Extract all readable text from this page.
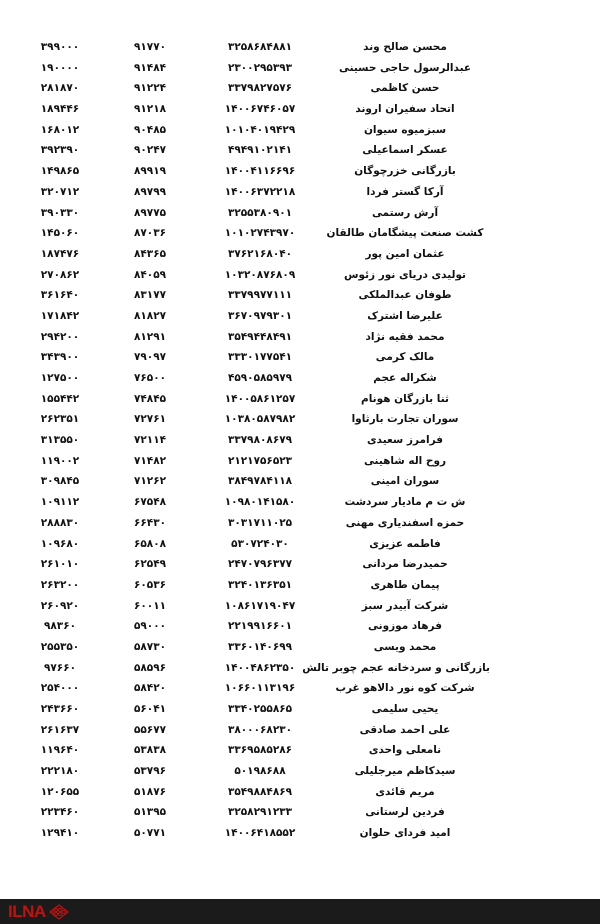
۳۹۹۰۰۰	۹۱۷۷۰	۳۲۵۸۶۸۴۸۸۱	محسن صالح وند
۱۹۰۰۰۰	۹۱۴۸۴	۲۳۰۰۲۹۵۳۹۳	عبدالرسول حاجی حسینی
۲۸۱۸۷۰	۹۱۲۲۴	۳۳۷۹۸۲۷۵۷۶	حسن کاظمی
۱۸۹۴۴۶	۹۱۲۱۸	۱۴۰۰۶۷۴۶۰۵۷	اتحاد سفیران اروند
۱۶۸۰۱۲	۹۰۴۸۵	۱۰۱۰۴۰۱۹۴۲۹	سبزمیوه سیوان
۳۹۲۳۹۰	۹۰۲۴۷	۴۹۴۹۱۰۲۱۴۱	عسکر اسماعیلی
۱۴۹۸۶۵	۸۹۹۱۹	۱۴۰۰۴۱۱۶۶۹۶	بازرگانی خزرچوگان
۳۲۰۷۱۲	۸۹۷۹۹	۱۴۰۰۶۳۷۲۲۱۸	آرکا گستر فردا
۳۹۰۳۳۰	۸۹۷۷۵	۳۲۵۵۳۸۰۹۰۱	آرش رستمی
۱۴۵۰۶۰	۸۷۰۳۶	۱۰۱۰۲۷۴۳۹۷۰	کشت صنعت پیشگامان طالقان
۱۸۷۴۷۶	۸۴۳۶۵	۳۷۶۲۱۶۸۰۴۰	عثمان امین پور
۲۷۰۸۶۲	۸۴۰۵۹	۱۰۳۲۰۸۷۶۸۰۹	تولیدی دریای نور زئوس
۳۶۱۶۴۰	۸۳۱۷۷	۳۳۷۹۹۷۷۱۱۱	طوفان عبدالملکی
۱۷۱۸۴۲	۸۱۸۲۷	۳۶۷۰۹۷۹۳۰۱	علیرضا اشترک
۲۹۴۲۰۰	۸۱۲۹۱	۳۵۴۹۴۴۸۴۹۱	محمد فقیه نژاد
۳۴۳۹۰۰	۷۹۰۹۷	۳۳۳۰۱۷۷۵۴۱	مالک کرمی
۱۲۷۵۰۰	۷۶۵۰۰	۴۵۹۰۵۸۵۹۷۹	شکراله عجم
۱۵۵۴۴۲	۷۴۸۴۵	۱۴۰۰۵۸۶۱۲۵۷	ثنا بازرگان هونام
۲۶۲۳۵۱	۷۲۷۶۱	۱۰۳۸۰۵۸۷۹۸۲	سوران تجارت بارثاوا
۳۱۳۵۵۰	۷۲۱۱۴	۳۳۷۹۸۰۸۶۷۹	فرامرز سعیدی
۱۱۹۰۰۲	۷۱۴۸۲	۲۱۲۱۷۵۶۵۲۳	روح اله شاهینی
۳۰۹۸۴۵	۷۱۲۶۲	۳۸۴۹۷۸۴۱۱۸	سوران امینی
۱۰۹۱۱۲	۶۷۵۴۸	۱۰۹۸۰۱۴۱۵۸۰	ش ت م مادیار سردشت
۲۸۸۸۳۰	۶۶۴۳۰	۳۰۳۱۷۱۱۰۲۵	حمزه اسفندیاری مهنی
۱۰۹۶۸۰	۶۵۸۰۸	۵۳۰۷۲۴۰۳۰	فاطمه عزیزی
۲۶۱۰۱۰	۶۲۵۴۹	۲۴۷۰۷۹۶۳۷۷	حمیدرضا مردانی
۲۶۳۲۰۰	۶۰۵۳۶	۳۲۴۰۱۳۶۳۵۱	پیمان طاهری
۲۶۰۹۲۰	۶۰۰۱۱	۱۰۸۶۱۷۱۹۰۴۷	شرکت آبیدر سبز
۹۸۳۶۰	۵۹۰۰۰	۲۲۱۹۹۱۶۶۰۱	فرهاد موزونی
۲۵۵۳۵۰	۵۸۷۳۰	۳۳۶۰۱۴۰۶۹۹	محمد ویسی
۹۷۶۶۰	۵۸۵۹۶	۱۴۰۰۴۸۶۲۳۵۰ بازرگانی و سردخانه عجم چوبر تالش
۲۵۴۰۰۰	۵۸۴۲۰	۱۰۶۶۰۱۱۳۱۹۶	شرکت کوه نور دالاهو غرب
۲۴۳۶۶۰	۵۶۰۴۱	۳۳۴۰۲۵۵۸۶۵	یحیی سلیمی
۲۶۱۶۳۷	۵۵۶۷۷	۳۸۰۰۰۶۸۲۳۰	علی احمد صادقی
۱۱۹۶۴۰	۵۳۸۳۸	۳۳۶۹۵۸۵۲۸۶	نامعلی واحدی
۲۲۲۱۸۰	۵۳۷۹۶	۵۰۱۹۸۶۸۸	سیدکاظم میرجلیلی
۱۲۰۶۵۵	۵۱۸۷۶	۳۵۴۹۸۸۴۸۶۹	مریم قائدی
۲۲۳۴۶۰	۵۱۳۹۵	۳۲۵۸۲۹۱۲۳۳	فردین لرستانی
۱۲۹۴۱۰	۵۰۷۷۱	۱۴۰۰۶۴۱۸۵۵۲	امید فردای حلوان
ILNA
